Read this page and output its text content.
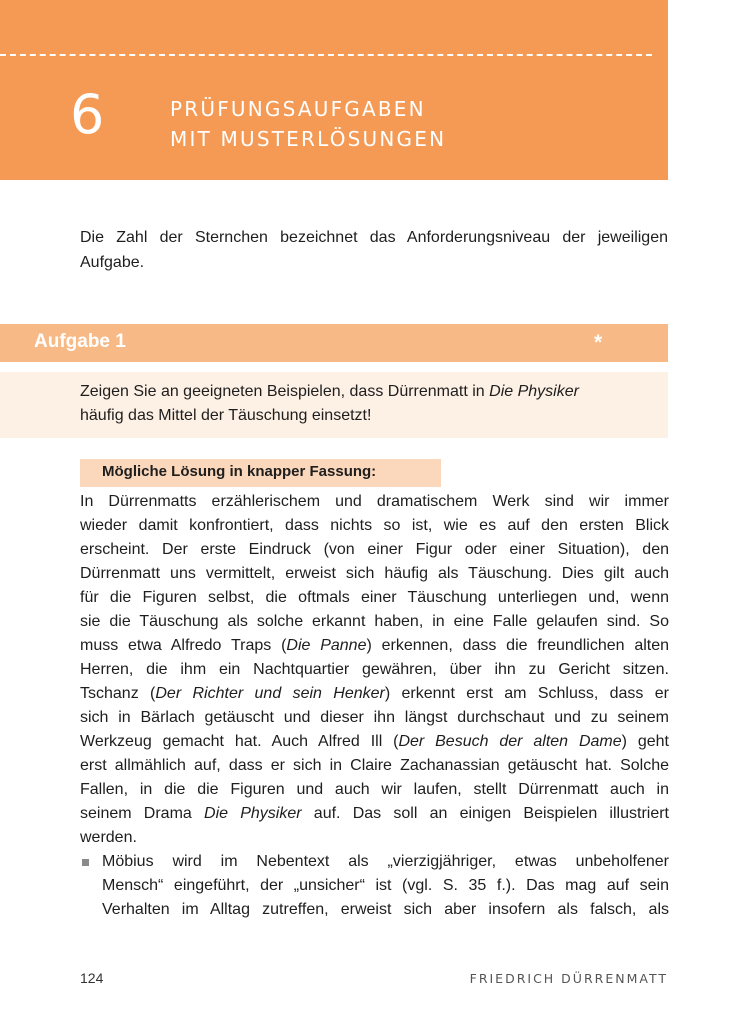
6	PRÜFUNGSAUFGABEN
MIT MUSTERLÖSUNGEN

Die Zahl der Sternchen bezeichnet das Anforderungsniveau der jeweiligen Aufgabe.

Aufgabe 1	*

Zeigen Sie an geeigneten Beispielen, dass Dürrenmatt in Die Physiker
häufig das Mittel der Täuschung einsetzt!

Mögliche Lösung in knapper Fassung:
In Dürrenmatts erzählerischem und dramatischem Werk sind wir immer
wieder damit konfrontiert, dass nichts so ist, wie es auf den ersten Blick
erscheint. Der erste Eindruck (von einer Figur oder einer Situation), den
Dürrenmatt uns vermittelt, erweist sich häufig als Täuschung. Dies gilt auch
für die Figuren selbst, die oftmals einer Täuschung unterliegen und, wenn
sie die Täuschung als solche erkannt haben, in eine Falle gelaufen sind. So
muss etwa Alfredo Traps (Die Panne) erkennen, dass die freundlichen alten
Herren, die ihm ein Nachtquartier gewähren, über ihn zu Gericht sitzen.
Tschanz (Der Richter und sein Henker) erkennt erst am Schluss, dass er
sich in Bärlach getäuscht und dieser ihn längst durchschaut und zu seinem
Werkzeug gemacht hat. Auch Alfred Ill (Der Besuch der alten Dame) geht
erst allmählich auf, dass er sich in Claire Zachanassian getäuscht hat. Solche
Fallen, in die die Figuren und auch wir laufen, stellt Dürrenmatt auch in
seinem Drama Die Physiker auf. Das soll an einigen Beispielen illustriert
werden.
Möbius wird im Nebentext als „vierzigjähriger, etwas unbeholfener
Mensch“ eingeführt, der „unsicher“ ist (vgl. S. 35 f.). Das mag auf sein
Verhalten im Alltag zutreffen, erweist sich aber insofern als falsch, als
124	FRIEDRICH DÜRRENMATT
